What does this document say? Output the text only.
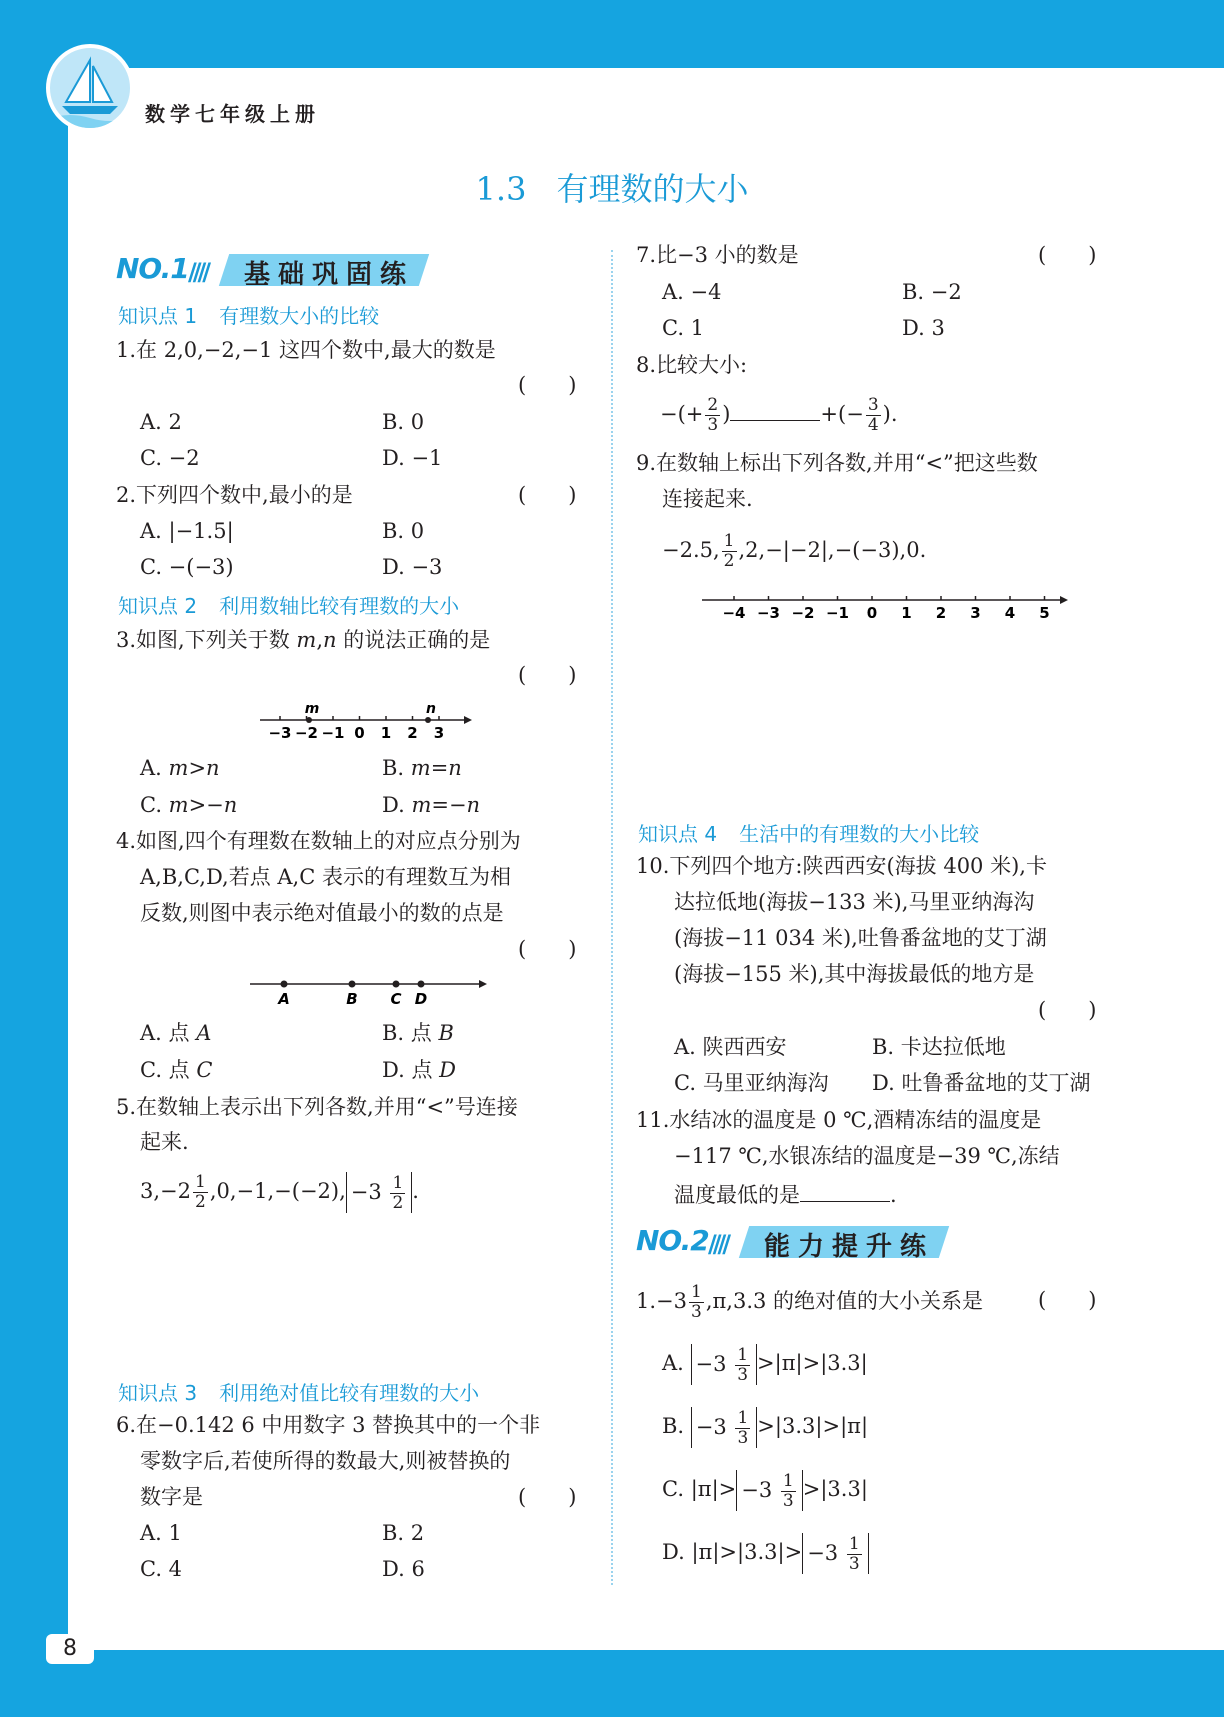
数学七年级上册
1.3 有理数的大小
NO.1 //// 基础巩固练
知识点 1 有理数大小的比较
1.在 2,0,−2,−1 这四个数中,最大的数是
(　　)
A. 2	B. 0
C. −2	D. −1
2.下列四个数中,最小的是	(　　)
A. |−1.5|	B. 0
C. −(−3)	D. −3
知识点 2 利用数轴比较有理数的大小
3.如图,下列关于数 m,n 的说法正确的是
(　　)
−3 −2 −1 0 1 2 3
m	n
A. m>n	B. m=n
C. m>−n	D. m=−n
4.如图,四个有理数在数轴上的对应点分别为
A,B,C,D,若点 A,C 表示的有理数互为相
反数,则图中表示绝对值最小的数的点是
(　　)
A	B C D
A. 点 A	B. 点 B
C. 点 C	D. 点 D
5.在数轴上表示出下列各数,并用“<”号连接
起来.
$3,-2 \frac{1}{2} ,0,-1,-(-2)$, $-3 \frac{1}{2}$ .
知识点 3 利用绝对值比较有理数的大小
6.在−0.142 6 中用数字 3 替换其中的一个非
零数字后,若使所得的数最大,则被替换的
数字是	(　　)
A. 1	B. 2
C. 4	D. 6
7.比−3 小的数是	(　　)
A. −4	B. −2
C. 1	D. 3
8.比较大小:
−(+ $\frac{2}{3}$ )	+(− $\frac{3}{4}$ ).
9.在数轴上标出下列各数,并用“<”把这些数
连接起来.
−2.5, $\frac{1}{2} ,2,-|-2|,-(-3),0$.
−4 −3 −2 −1 0 1 2 3 4 5
知识点 4 生活中的有理数的大小比较
10.下列四个地方:陕西西安(海拔 400 米),卡
达拉低地(海拔−133 米),马里亚纳海沟
(海拔−11 034 米),吐鲁番盆地的艾丁湖
(海拔−155 米),其中海拔最低的地方是
(　　)
A. 陕西西安	B. 卡达拉低地
C. 马里亚纳海沟 D. 吐鲁番盆地的艾丁湖
11.水结冰的温度是 0 ℃,酒精冻结的温度是
−117 ℃,水银冻结的温度是−39 ℃,冻结
温度最低的是	.
NO.2 //// 能力提升练
$1.-3 \frac{1}{3} ,\pi,3.3$ 的绝对值的大小关系是	(　　)
A. $-3 \frac{1}{3} >|\pi|>|3.3|$
B. $-3 \frac{1}{3} >|3.3|>|\pi|$
C. $|\pi|> -3 \frac{1}{3} >|3.3|$
D. $|\pi|>|3.3|> -3 \frac{1}{3}$
8
